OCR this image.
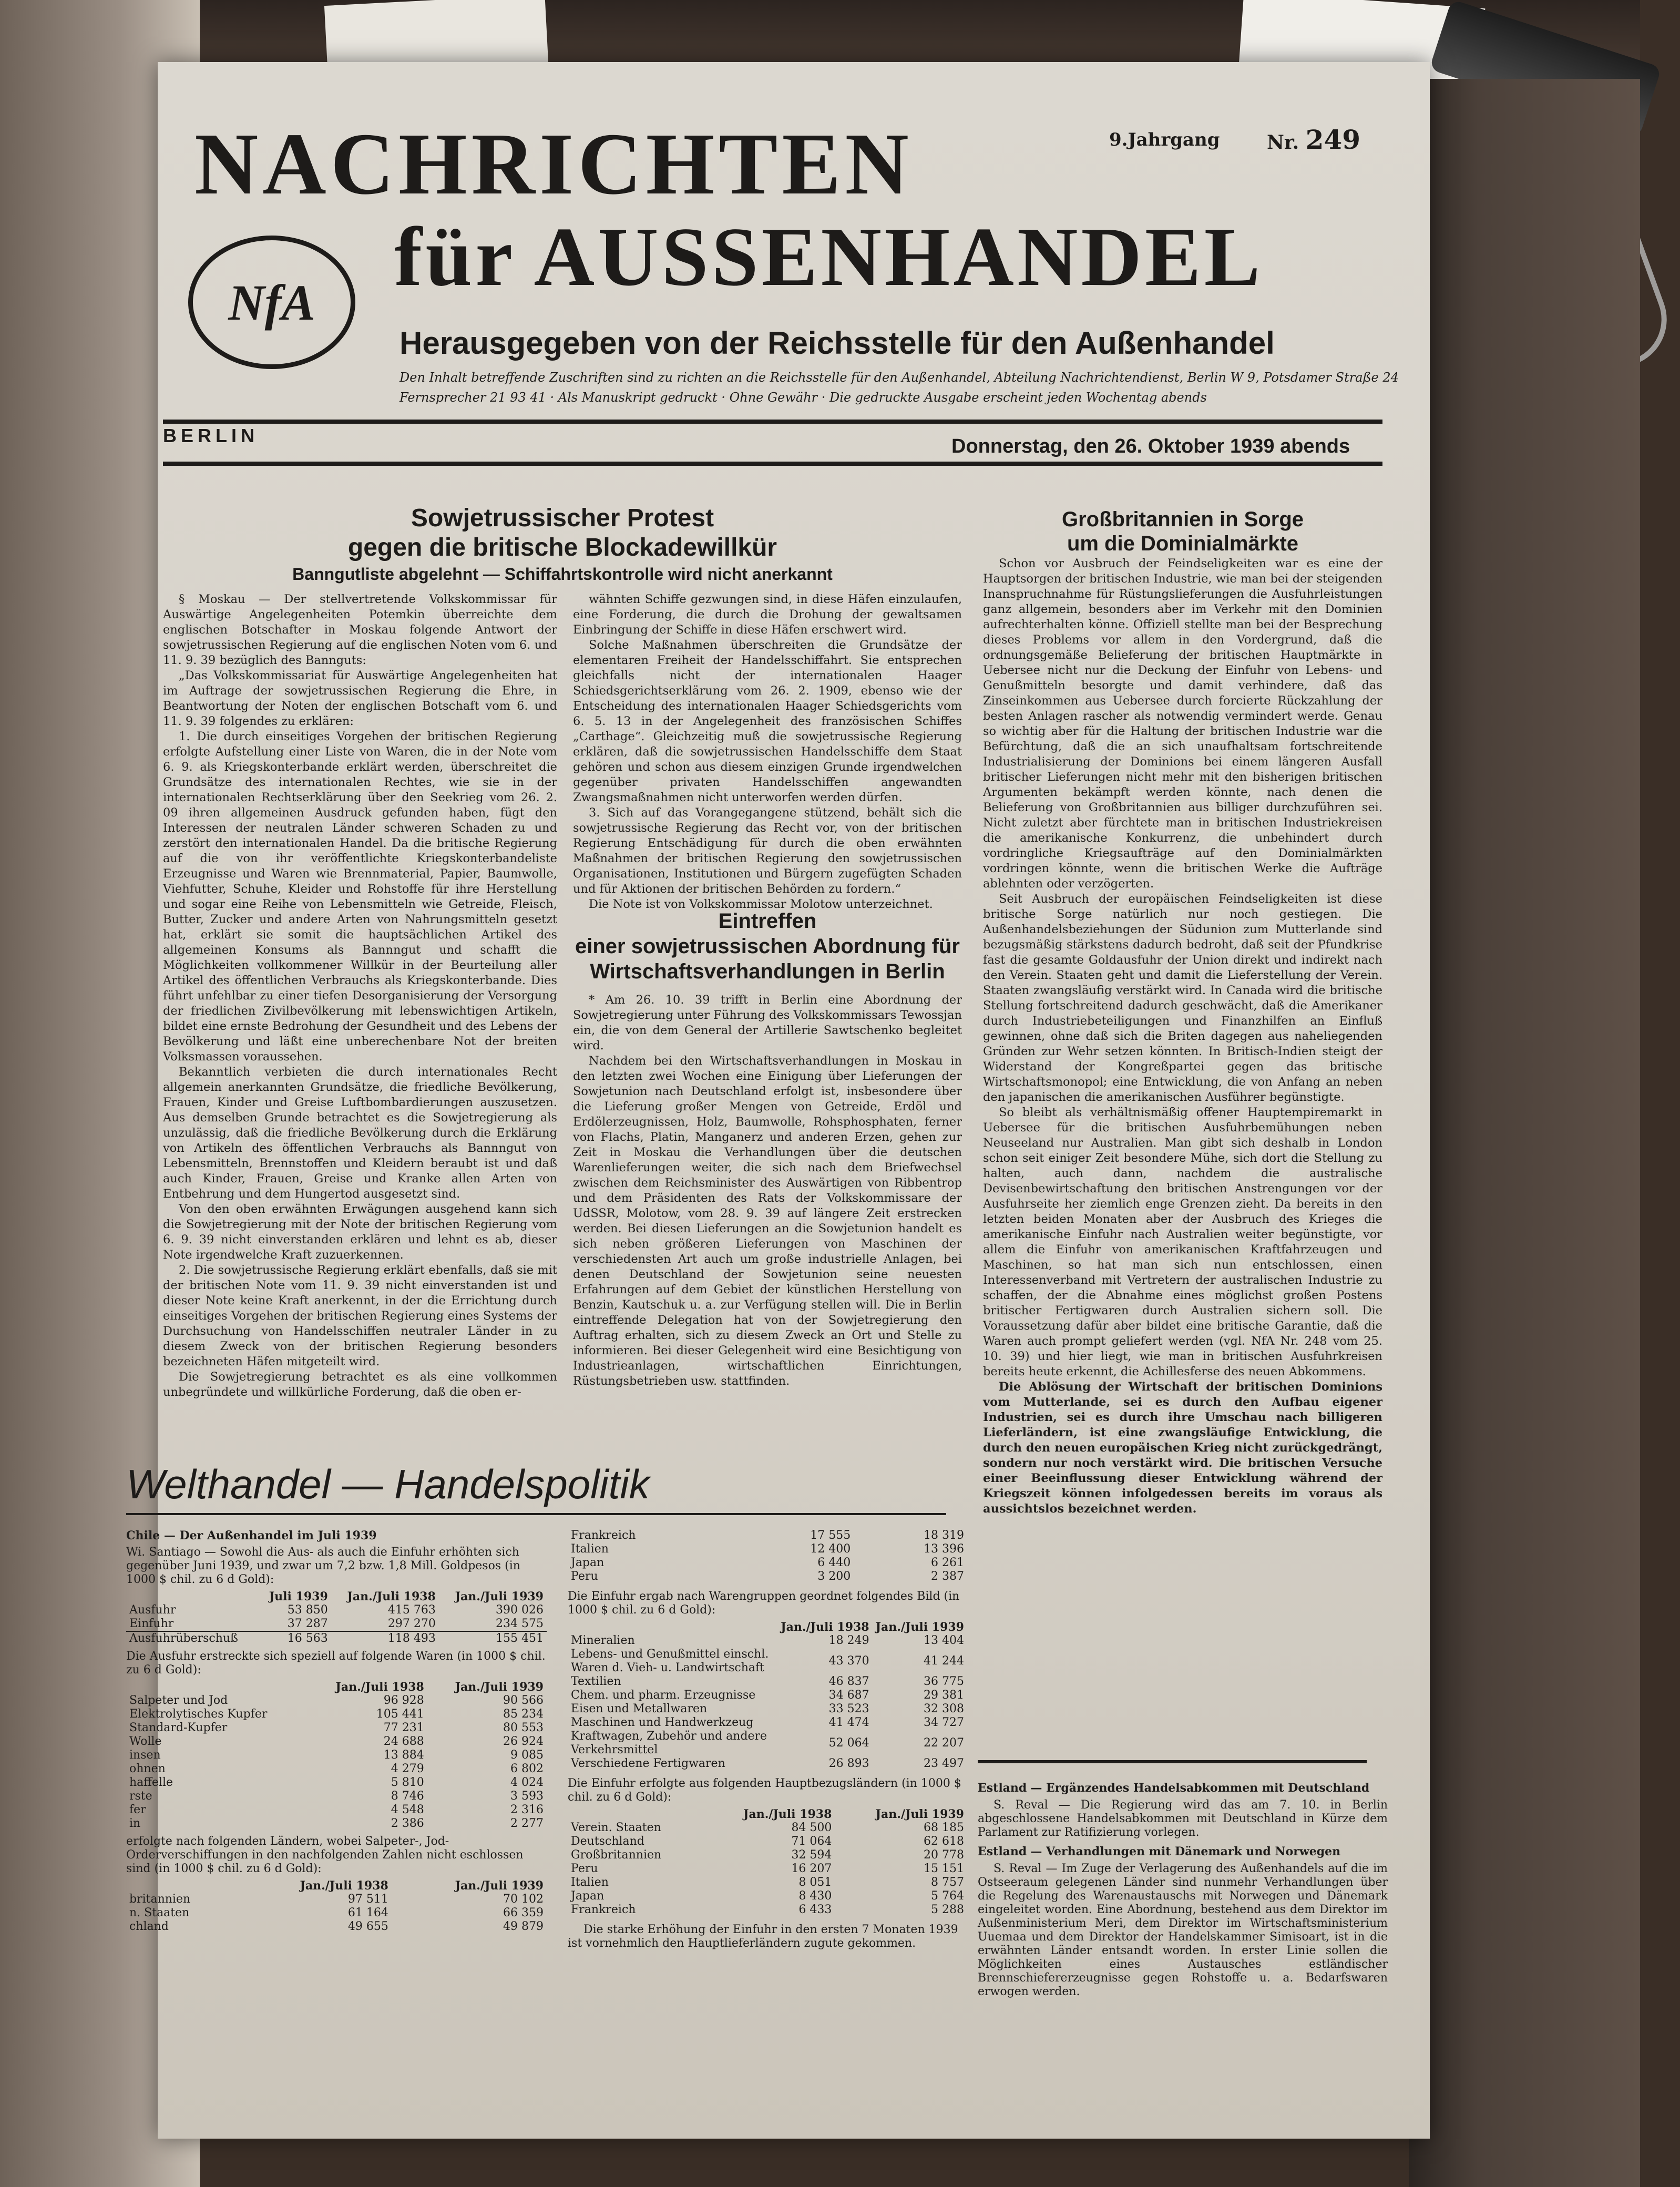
NACHRICHTEN
NfA für AUSSENHANDEL
9.Jahrgang Nr. 249
Herausgegeben von der Reichsstelle für den Außenhandel
Den Inhalt betreffende Zuschriften sind zu richten an die Reichsstelle für den Außenhandel, Abteilung Nachrichtendienst, Berlin W 9, Potsdamer Straße 24
Fernsprecher 21 93 41 · Als Manuskript gedruckt · Ohne Gewähr · Die gedruckte Ausgabe erscheint jeden Wochentag abends
BERLIN	Donnerstag, den 26. Oktober 1939 abends
Sowjetrussischer Protest
gegen die britische Blockadewillkür
Banngutliste abgelehnt — Schiffahrtskontrolle wird nicht anerkannt

§ Moskau — Der stellvertretende Volkskommissar für Auswärtige Angelegenheiten Potemkin überreichte dem englischen Botschafter in Moskau folgende Antwort der sowjetrussischen Regierung auf die englischen Noten vom 6. und 11. 9. 39 bezüglich des Bannguts:

„Das Volkskommissariat für Auswärtige Angelegenheiten hat im Auftrage der sowjetrussischen Regierung die Ehre, in Beantwortung der Noten der englischen Botschaft vom 6. und 11. 9. 39 folgendes zu erklären:

1. Die durch einseitiges Vorgehen der britischen Regierung erfolgte Aufstellung einer Liste von Waren, die in der Note vom 6. 9. als Kriegskonterbande erklärt werden, überschreitet die Grundsätze des internationalen Rechtes, wie sie in der internationalen Rechtserklärung über den Seekrieg vom 26. 2. 09 ihren allgemeinen Ausdruck gefunden haben, fügt den Interessen der neutralen Länder schweren Schaden zu und zerstört den internationalen Handel. Da die britische Regierung auf die von ihr veröffentlichte Kriegskonterbandeliste Erzeugnisse und Waren wie Brennmaterial, Papier, Baumwolle, Viehfutter, Schuhe, Kleider und Rohstoffe für ihre Herstellung und sogar eine Reihe von Lebensmitteln wie Getreide, Fleisch, Butter, Zucker und andere Arten von Nahrungsmitteln gesetzt hat, erklärt sie somit die hauptsächlichen Artikel des allgemeinen Konsums als Bannngut und schafft die Möglichkeiten vollkommener Willkür in der Beurteilung aller Artikel des öffentlichen Verbrauchs als Kriegskonterbande. Dies führt unfehlbar zu einer tiefen Desorganisierung der Versorgung der friedlichen Zivilbevölkerung mit lebenswichtigen Artikeln, bildet eine ernste Bedrohung der Gesundheit und des Lebens der Bevölkerung und läßt eine unberechenbare Not der breiten Volksmassen voraussehen.

Bekanntlich verbieten die durch internationales Recht allgemein anerkannten Grundsätze, die friedliche Bevölkerung, Frauen, Kinder und Greise Luftbombardierungen auszusetzen. Aus demselben Grunde betrachtet es die Sowjetregierung als unzulässig, daß die friedliche Bevölkerung durch die Erklärung von Artikeln des öffentlichen Verbrauchs als Bannngut von Lebensmitteln, Brennstoffen und Kleidern beraubt ist und daß auch Kinder, Frauen, Greise und Kranke allen Arten von Entbehrung und dem Hungertod ausgesetzt sind.

Von den oben erwähnten Erwägungen ausgehend kann sich die Sowjetregierung mit der Note der britischen Regierung vom 6. 9. 39 nicht einverstanden erklären und lehnt es ab, dieser Note irgendwelche Kraft zuzuerkennen.

2. Die sowjetrussische Regierung erklärt ebenfalls, daß sie mit der britischen Note vom 11. 9. 39 nicht einverstanden ist und dieser Note keine Kraft anerkennt, in der die Errichtung durch einseitiges Vorgehen der britischen Regierung eines Systems der Durchsuchung von Handelsschiffen neutraler Länder in zu diesem Zweck von der britischen Regierung besonders bezeichneten Häfen mitgeteilt wird.

Die Sowjetregierung betrachtet es als eine vollkommen unbegründete und willkürliche Forderung, daß die oben er-

wähnten Schiffe gezwungen sind, in diese Häfen einzulaufen, eine Forderung, die durch die Drohung der gewaltsamen Einbringung der Schiffe in diese Häfen erschwert wird.

Solche Maßnahmen überschreiten die Grundsätze der elementaren Freiheit der Handelsschiffahrt. Sie entsprechen gleichfalls nicht der internationalen Haager Schiedsgerichtserklärung vom 26. 2. 1909, ebenso wie der Entscheidung des internationalen Haager Schiedsgerichts vom 6. 5. 13 in der Angelegenheit des französischen Schiffes „Carthage“. Gleichzeitig muß die sowjetrussische Regierung erklären, daß die sowjetrussischen Handelsschiffe dem Staat gehören und schon aus diesem einzigen Grunde irgendwelchen gegenüber privaten Handelsschiffen angewandten Zwangsmaßnahmen nicht unterworfen werden dürfen.

3. Sich auf das Vorangegangene stützend, behält sich die sowjetrussische Regierung das Recht vor, von der britischen Regierung Entschädigung für durch die oben erwähnten Maßnahmen der britischen Regierung den sowjetrussischen Organisationen, Institutionen und Bürgern zugefügten Schaden und für Aktionen der britischen Behörden zu fordern.“

Die Note ist von Volkskommissar Molotow unterzeichnet.

Eintreffen
einer sowjetrussischen Abordnung für
Wirtschaftsverhandlungen in Berlin

* Am 26. 10. 39 trifft in Berlin eine Abordnung der Sowjetregierung unter Führung des Volkskommissars Tewossjan ein, die von dem General der Artillerie Sawtschenko begleitet wird.

Nachdem bei den Wirtschaftsverhandlungen in Moskau in den letzten zwei Wochen eine Einigung über Lieferungen der Sowjetunion nach Deutschland erfolgt ist, insbesondere über die Lieferung großer Mengen von Getreide, Erdöl und Erdölerzeugnissen, Holz, Baumwolle, Rohsphosphaten, ferner von Flachs, Platin, Manganerz und anderen Erzen, gehen zur Zeit in Moskau die Verhandlungen über die deutschen Warenlieferungen weiter, die sich nach dem Briefwechsel zwischen dem Reichsminister des Auswärtigen von Ribbentrop und dem Präsidenten des Rats der Volkskommissare der UdSSR, Molotow, vom 28. 9. 39 auf längere Zeit erstrecken werden. Bei diesen Lieferungen an die Sowjetunion handelt es sich neben größeren Lieferungen von Maschinen der verschiedensten Art auch um große industrielle Anlagen, bei denen Deutschland der Sowjetunion seine neuesten Erfahrungen auf dem Gebiet der künstlichen Herstellung von Benzin, Kautschuk u. a. zur Verfügung stellen will. Die in Berlin eintreffende Delegation hat von der Sowjetregierung den Auftrag erhalten, sich zu diesem Zweck an Ort und Stelle zu informieren. Bei dieser Gelegenheit wird eine Besichtigung von Industrieanlagen, wirtschaftlichen Einrichtungen, Rüstungsbetrieben usw. stattfinden.

Großbritannien in Sorge
um die Dominialmärkte

Schon vor Ausbruch der Feindseligkeiten war es eine der Hauptsorgen der britischen Industrie, wie man bei der steigenden Inanspruchnahme für Rüstungslieferungen die Ausfuhrleistungen ganz allgemein, besonders aber im Verkehr mit den Dominien aufrechterhalten könne. Offiziell stellte man bei der Besprechung dieses Problems vor allem in den Vordergrund, daß die ordnungsgemäße Belieferung der britischen Hauptmärkte in Uebersee nicht nur die Deckung der Einfuhr von Lebens- und Genußmitteln besorgte und damit verhindere, daß das Zinseinkommen aus Uebersee durch forcierte Rückzahlung der besten Anlagen rascher als notwendig vermindert werde. Genau so wichtig aber für die Haltung der britischen Industrie war die Befürchtung, daß die an sich unaufhaltsam fortschreitende Industrialisierung der Dominions bei einem längeren Ausfall britischer Lieferungen nicht mehr mit den bisherigen britischen Argumenten bekämpft werden könnte, nach denen die Belieferung von Großbritannien aus billiger durchzuführen sei. Nicht zuletzt aber fürchtete man in britischen Industriekreisen die amerikanische Konkurrenz, die unbehindert durch vordringliche Kriegsaufträge auf den Dominialmärkten vordringen könnte, wenn die britischen Werke die Aufträge ablehnten oder verzögerten.

Seit Ausbruch der europäischen Feindseligkeiten ist diese britische Sorge natürlich nur noch gestiegen. Die Außenhandelsbeziehungen der Südunion zum Mutterlande sind bezugsmäßig stärkstens dadurch bedroht, daß seit der Pfundkrise fast die gesamte Goldausfuhr der Union direkt und indirekt nach den Verein. Staaten geht und damit die Lieferstellung der Verein. Staaten zwangsläufig verstärkt wird. In Canada wird die britische Stellung fortschreitend dadurch geschwächt, daß die Amerikaner durch Industriebeteiligungen und Finanzhilfen an Einfluß gewinnen, ohne daß sich die Briten dagegen aus naheliegenden Gründen zur Wehr setzen könnten. In Britisch-Indien steigt der Widerstand der Kongreßpartei gegen das britische Wirtschaftsmonopol; eine Entwicklung, die von Anfang an neben den japanischen die amerikanischen Ausführer begünstigte.

So bleibt als verhältnismäßig offener Hauptempiremarkt in Uebersee für die britischen Ausfuhrbemühungen neben Neuseeland nur Australien. Man gibt sich deshalb in London schon seit einiger Zeit besondere Mühe, sich dort die Stellung zu halten, auch dann, nachdem die australische Devisenbewirtschaftung den britischen Anstrengungen vor der Ausfuhrseite her ziemlich enge Grenzen zieht. Da bereits in den letzten beiden Monaten aber der Ausbruch des Krieges die amerikanische Einfuhr nach Australien weiter begünstigte, vor allem die Einfuhr von amerikanischen Kraftfahrzeugen und Maschinen, so hat man sich nun entschlossen, einen Interessenverband mit Vertretern der australischen Industrie zu schaffen, der die Abnahme eines möglichst großen Postens britischer Fertigwaren durch Australien sichern soll. Die Voraussetzung dafür aber bildet eine britische Garantie, daß die Waren auch prompt geliefert werden (vgl. NfA Nr. 248 vom 25. 10. 39) und hier liegt, wie man in britischen Ausfuhrkreisen bereits heute erkennt, die Achillesferse des neuen Abkommens.

Die Ablösung der Wirtschaft der britischen Dominions vom Mutterlande, sei es durch den Aufbau eigener Industrien, sei es durch ihre Umschau nach billigeren Lieferländern, ist eine zwangsläufige Entwicklung, die durch den neuen europäischen Krieg nicht zurückgedrängt, sondern nur noch verstärkt wird. Die britischen Versuche einer Beeinflussung dieser Entwicklung während der Kriegszeit können infolgedessen bereits im voraus als aussichtslos bezeichnet werden.

Welthandel — Handelspolitik

Chile — Der Außenhandel im Juli 1939

Wi. Santiago — Sowohl die Aus- als auch die Einfuhr erhöhten sich gegenüber Juni 1939, und zwar um 7,2 bzw. 1,8 Mill. Goldpesos (in 1000 $ chil. zu 6 d Gold):

	Juli 1939	Jan./Juli 1938	Jan./Juli 1939
Ausfuhr	53 850	415 763	390 026
Einfuhr	37 287	297 270	234 575
Ausfuhrüberschuß	16 563	118 493	155 451

Die Ausfuhr erstreckte sich speziell auf folgende Waren (in 1000 $ chil. zu 6 d Gold):

	Jan./Juli 1938	Jan./Juli 1939
Salpeter und Jod	96 928	90 566
Elektrolytisches Kupfer	105 441	85 234
Standard-Kupfer	77 231	80 553
Wolle	24 688	26 924
insen	13 884	9 085
ohnen	4 279	6 802
haffelle	5 810	4 024
rste	8 746	3 593
fer	4 548	2 316
in	2 386	2 277

erfolgte nach folgenden Ländern, wobei Salpeter-, Jod- Orderverschiffungen in den nachfolgenden Zahlen nicht eschlossen sind (in 1000 $ chil. zu 6 d Gold):

	Jan./Juli 1938	Jan./Juli 1939
britannien	97 511	70 102
n. Staaten	61 164	66 359
chland	49 655	49 879
Frankreich	17 555	18 319
Italien	12 400	13 396
Japan	6 440	6 261
Peru	3 200	2 387

Die Einfuhr ergab nach Warengruppen geordnet folgendes Bild (in 1000 $ chil. zu 6 d Gold):

	Jan./Juli 1938	Jan./Juli 1939
Mineralien	18 249	13 404
Lebens- und Genußmittel einschl. Waren d. Vieh- u. Landwirtschaft	43 370	41 244
Textilien	46 837	36 775
Chem. und pharm. Erzeugnisse	34 687	29 381
Eisen und Metallwaren	33 523	32 308
Maschinen und Handwerkzeug	41 474	34 727
Kraftwagen, Zubehör und andere Verkehrsmittel	52 064	22 207
Verschiedene Fertigwaren	26 893	23 497

Die Einfuhr erfolgte aus folgenden Hauptbezugsländern (in 1000 $ chil. zu 6 d Gold):

	Jan./Juli 1938	Jan./Juli 1939
Verein. Staaten	84 500	68 185
Deutschland	71 064	62 618
Großbritannien	32 594	20 778
Peru	16 207	15 151
Italien	8 051	8 757
Japan	8 430	5 764
Frankreich	6 433	5 288

Die starke Erhöhung der Einfuhr in den ersten 7 Monaten 1939 ist vornehmlich den Hauptlieferländern zugute gekommen.

Estland — Ergänzendes Handelsabkommen mit Deutschland

S. Reval — Die Regierung wird das am 7. 10. in Berlin abgeschlossene Handelsabkommen mit Deutschland in Kürze dem Parlament zur Ratifizierung vorlegen.

Estland — Verhandlungen mit Dänemark und Norwegen

S. Reval — Im Zuge der Verlagerung des Außenhandels auf die im Ostseeraum gelegenen Länder sind nunmehr Verhandlungen über die Regelung des Warenaustauschs mit Norwegen und Dänemark eingeleitet worden. Eine Abordnung, bestehend aus dem Direktor im Außenministerium Meri, dem Direktor im Wirtschaftsministerium Uuemaa und dem Direktor der Handelskammer Simisoart, ist in die erwähnten Länder entsandt worden. In erster Linie sollen die Möglichkeiten eines Austausches estländischer Brennschiefererzeugnisse gegen Rohstoffe u. a. Bedarfswaren erwogen werden.
